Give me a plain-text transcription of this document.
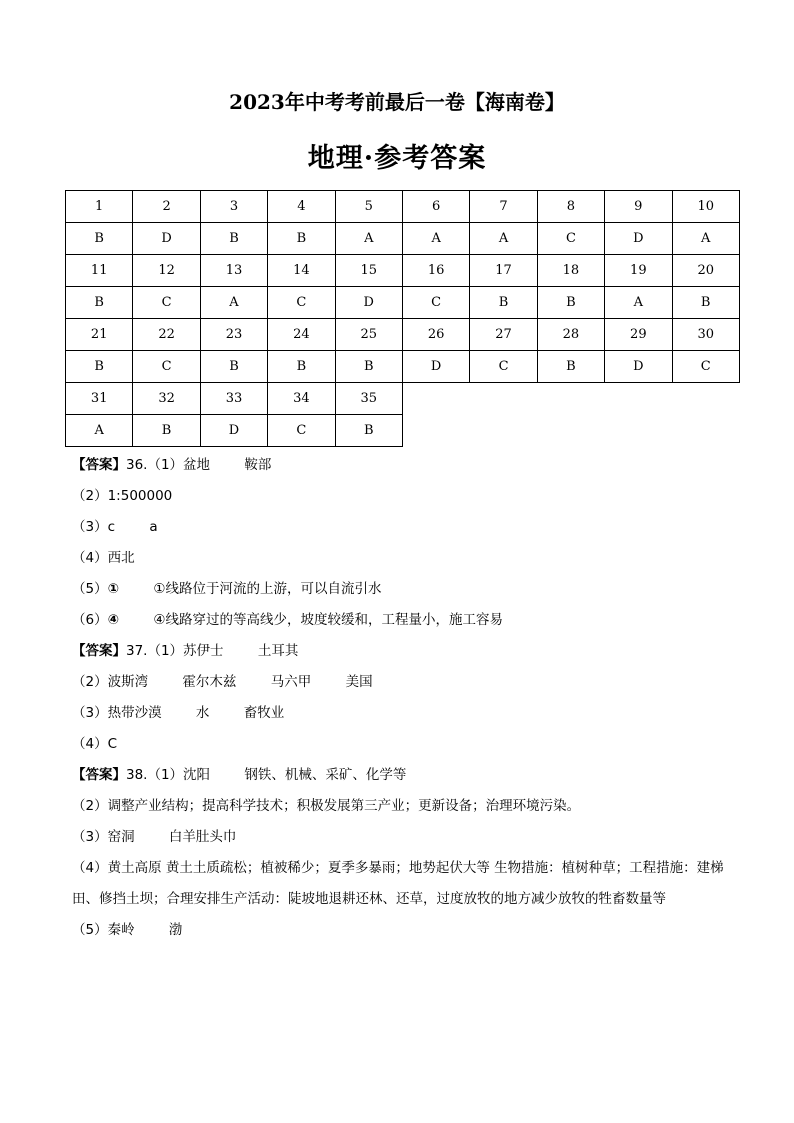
2023年中考考前最后一卷【海南卷】
地理·参考答案
1	2	3	4	5	6	7	8	9	10
B	D	B	B	A	A	A	C	D	A
11	12	13	14	15	16	17	18	19	20
B	C	A	C	D	C	B	B	A	B
21	22	23	24	25	26	27	28	29	30
B	C	B	B	B	D	C	B	D	C
31	32	33	34	35					
A	B	D	C	B					
【答案】36.（1）盆地        鞍部
（2）1:500000
（3）c        a
（4）西北
（5）①	①线路位于河流的上游，可以自流引水
（6）④	④线路穿过的等高线少，坡度较缓和，工程量小，施工容易
【答案】37.（1）苏伊士        土耳其
（2）波斯湾        霍尔木兹        马六甲        美国
（3）热带沙漠        水        畜牧业
（4）C
【答案】38.（1）沈阳        钢铁、机械、采矿、化学等
（2）调整产业结构；提高科学技术；积极发展第三产业；更新设备；治理环境污染。
（3）窑洞        白羊肚头巾
（4）黄土高原 黄土土质疏松；植被稀少；夏季多暴雨；地势起伏大等 生物措施：植树种草；工程措施：建梯田、修挡土坝；合理安排生产活动：陡坡地退耕还林、还草，过度放牧的地方减少放牧的牲畜数量等
（5）秦岭        渤
